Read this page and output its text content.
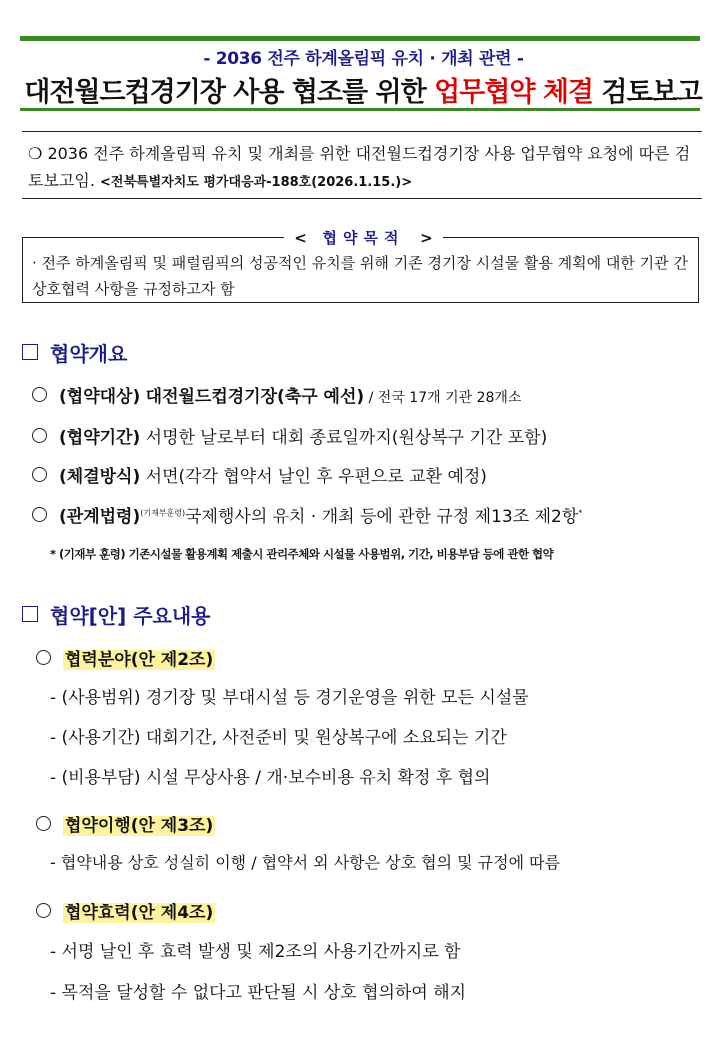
- 2036 전주 하계올림픽 유치 · 개최 관련 -
대전월드컵경기장 사용 협조를 위한 업무협약 체결 검토보고
❍ 2036 전주 하계올림픽 유치 및 개최를 위한 대전월드컵경기장 사용 업무협약 요청에 따른 검토보고임. <전북특별자치도 평가대응과-188호(2026.1.15.)>
< 협약목적 >
· 전주 하계올림픽 및 패럴림픽의 성공적인 유치를 위해 기존 경기장 시설물 활용 계획에 대한 기관 간 상호협력 사항을 규정하고자 함
협약개요
(협약대상) 대전월드컵경기장(축구 예선) / 전국 17개 기관 28개소
(협약기간) 서명한 날로부터 대회 종료일까지(원상복구 기간 포함)
(체결방식) 서면(각각 협약서 날인 후 우편으로 교환 예정)
(관계법령)$^{(기재부훈령)}$국제행사의 유치 · 개최 등에 관한 규정 제13조 제2항*
* (기재부 훈령) 기존시설물 활용계획 제출시 관리주체와 시설물 사용범위, 기간, 비용부담 등에 관한 협약
협약[안] 주요내용
협력분야(안 제2조)
- (사용범위) 경기장 및 부대시설 등 경기운영을 위한 모든 시설물
- (사용기간) 대회기간, 사전준비 및 원상복구에 소요되는 기간
- (비용부담) 시설 무상사용 / 개·보수비용 유치 확정 후 협의
협약이행(안 제3조)
- 협약내용 상호 성실히 이행 / 협약서 외 사항은 상호 협의 및 규정에 따름
협약효력(안 제4조)
- 서명 날인 후 효력 발생 및 제2조의 사용기간까지로 함
- 목적을 달성할 수 없다고 판단될 시 상호 협의하여 해지
